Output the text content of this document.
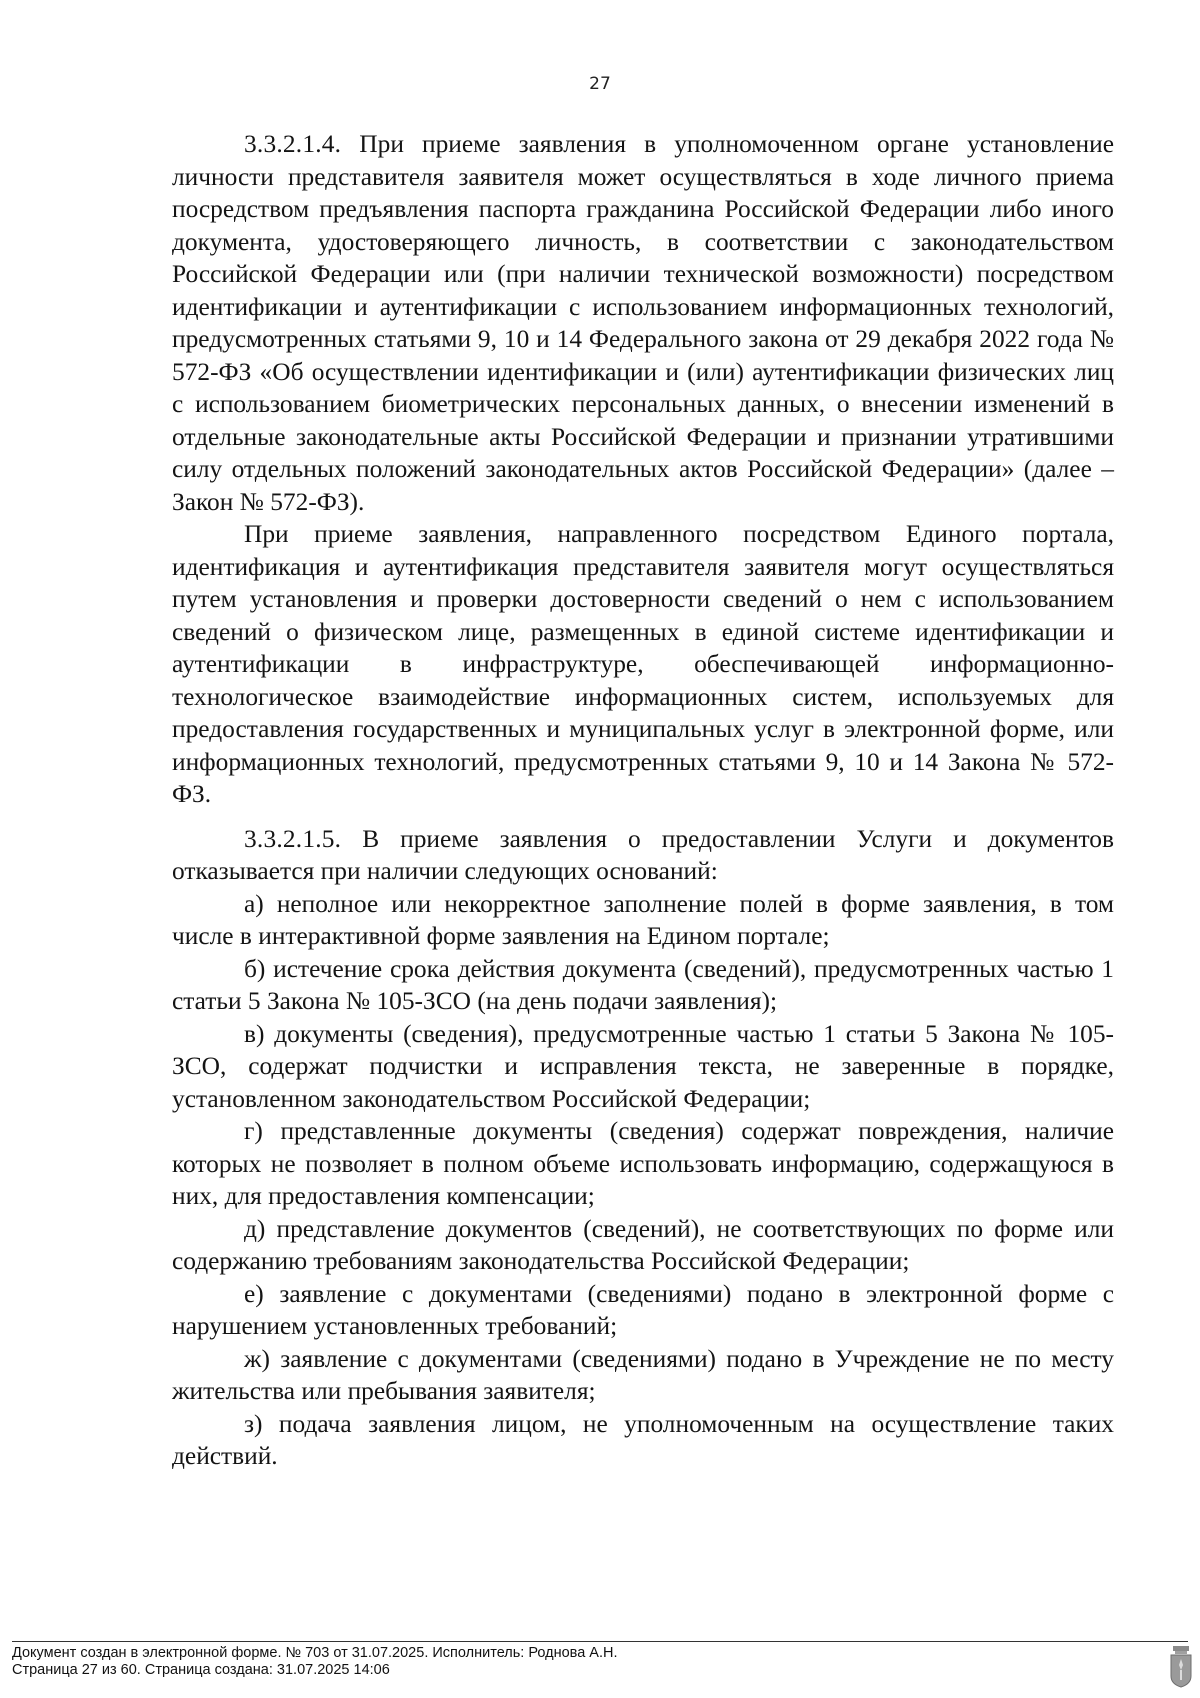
27

3.3.2.1.4. При приеме заявления в уполномоченном органе установление личности представителя заявителя может осуществляться в ходе личного приема посредством предъявления паспорта гражданина Российской Федерации либо иного документа, удостоверяющего личность, в соответствии с законодательством Российской Федерации или (при наличии технической возможности) посредством идентификации и аутентификации с использованием информационных технологий, предусмотренных статьями 9, 10 и 14 Федерального закона от 29 декабря 2022 года № 572-ФЗ «Об осуществлении идентификации и (или) аутентификации физических лиц с использованием биометрических персональных данных, о внесении изменений в отдельные законодательные акты Российской Федерации и признании утратившими силу отдельных положений законодательных актов Российской Федерации» (далее – Закон № 572-ФЗ).

При приеме заявления, направленного посредством Единого портала, идентификация и аутентификация представителя заявителя могут осуществляться путем установления и проверки достоверности сведений о нем с использованием сведений о физическом лице, размещенных в единой системе идентификации и аутентификации в инфраструктуре, обеспечивающей информационно-технологическое взаимодействие информационных систем, используемых для предоставления государственных и муниципальных услуг в электронной форме, или информационных технологий, предусмотренных статьями 9, 10 и 14 Закона № 572-ФЗ.

3.3.2.1.5. В приеме заявления о предоставлении Услуги и документов отказывается при наличии следующих оснований:

а) неполное или некорректное заполнение полей в форме заявления, в том числе в интерактивной форме заявления на Едином портале;

б) истечение срока действия документа (сведений), предусмотренных частью 1 статьи 5 Закона № 105-ЗСО (на день подачи заявления);

в) документы (сведения), предусмотренные частью 1 статьи 5 Закона № 105-ЗСО, содержат подчистки и исправления текста, не заверенные в порядке, установленном законодательством Российской Федерации;

г) представленные документы (сведения) содержат повреждения, наличие которых не позволяет в полном объеме использовать информацию, содержащуюся в них, для предоставления компенсации;

д) представление документов (сведений), не соответствующих по форме или содержанию требованиям законодательства Российской Федерации;

е) заявление с документами (сведениями) подано в электронной форме с нарушением установленных требований;

ж) заявление с документами (сведениями) подано в Учреждение не по месту жительства или пребывания заявителя;

з) подача заявления лицом, не уполномоченным на осуществление таких действий.

Документ создан в электронной форме. № 703 от 31.07.2025. Исполнитель: Роднова А.Н.
Страница 27 из 60. Страница создана: 31.07.2025 14:06
